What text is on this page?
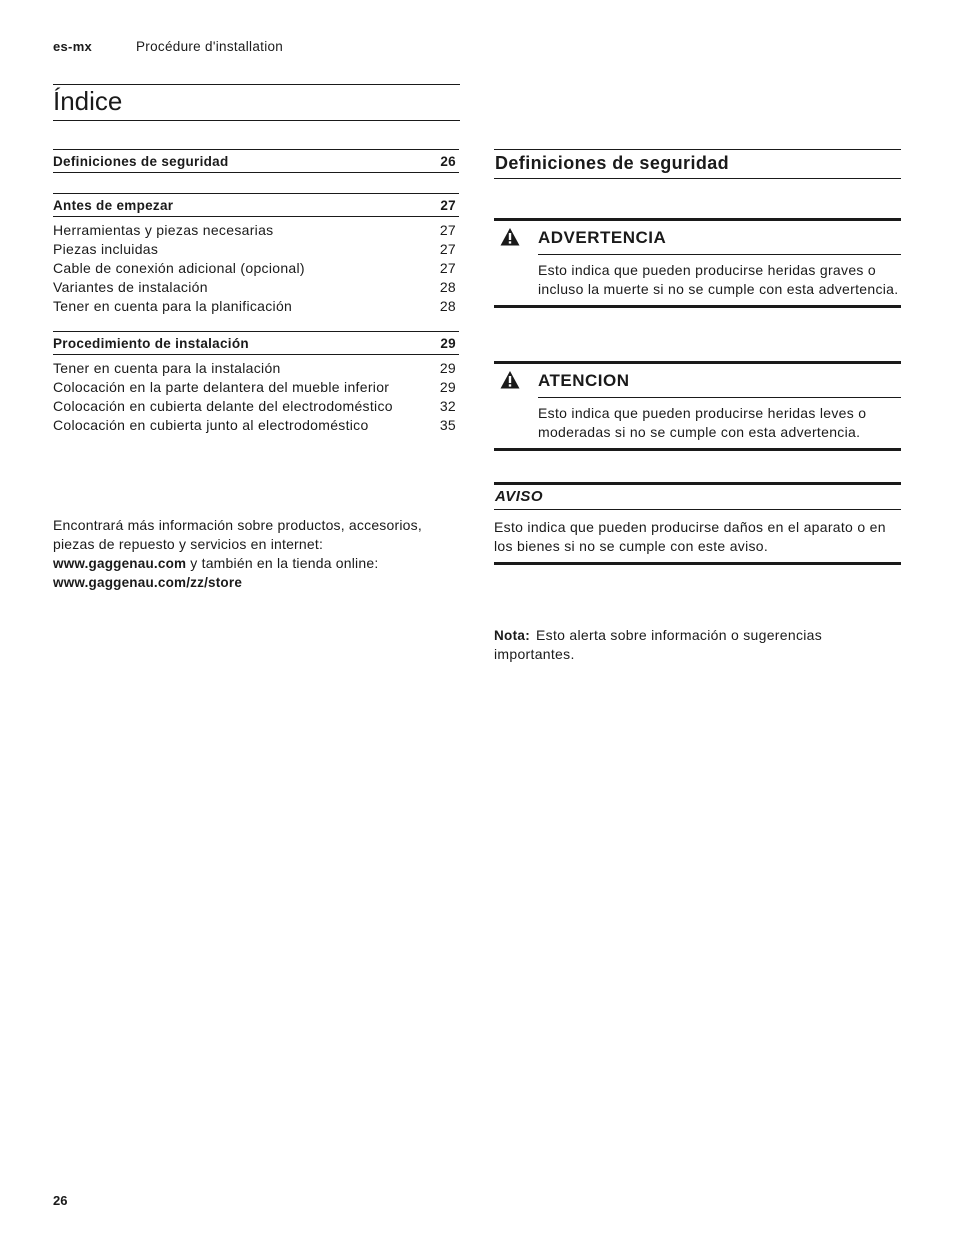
es-mx	Procédure d'installation
Índice
Definiciones de seguridad	26
Antes de empezar	27
Herramientas y piezas necesarias	27
Piezas incluidas	27
Cable de conexión adicional (opcional)	27
Variantes de instalación	28
Tener en cuenta para la planificación	28
Procedimiento de instalación	29
Tener en cuenta para la instalación	29
Colocación en la parte delantera del mueble inferior	29
Colocación en cubierta delante del electrodoméstico	32
Colocación en cubierta junto al electrodoméstico	35
Encontrará más información sobre productos, accesorios, piezas de repuesto y servicios en internet:
www.gaggenau.com y también en la tienda online:
www.gaggenau.com/zz/store
Definiciones de seguridad
ADVERTENCIA
Esto indica que pueden producirse heridas graves o incluso la muerte si no se cumple con esta advertencia.
ATENCION
Esto indica que pueden producirse heridas leves o moderadas si no se cumple con esta advertencia.
AVISO
Esto indica que pueden producirse daños en el aparato o en los bienes si no se cumple con este aviso.
Nota: Esto alerta sobre información o sugerencias importantes.
26
